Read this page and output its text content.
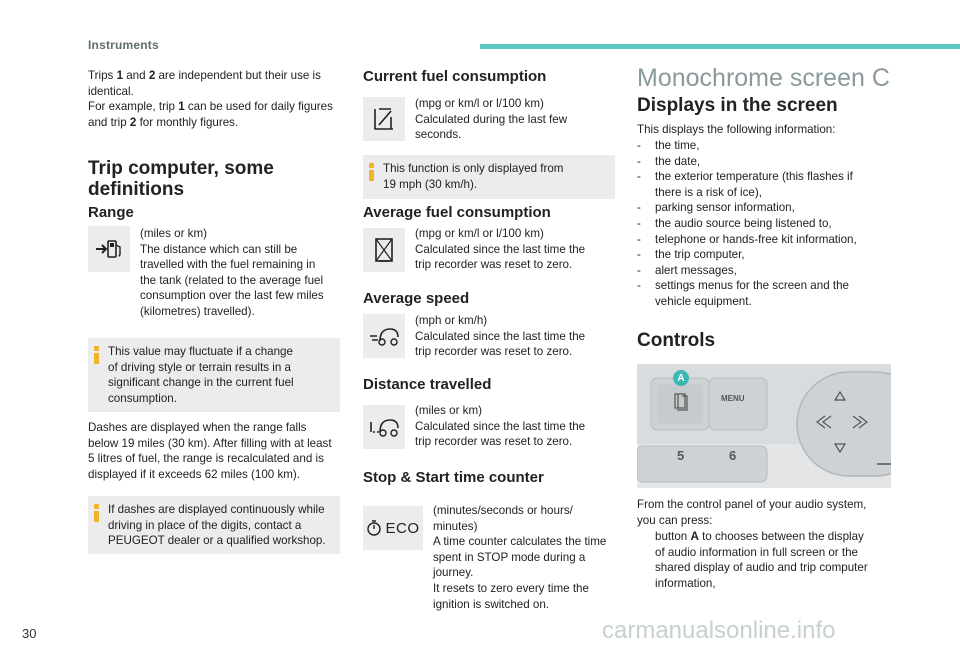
Instruments
Trips 1 and 2 are independent but their use is
identical.
For example, trip 1 can be used for daily figures
and trip 2 for monthly figures.
Trip computer, some
definitions
Range
(miles or km)
The distance which can still be
travelled with the fuel remaining in
the tank (related to the average fuel
consumption over the last few miles
(kilometres) travelled).
This value may fluctuate if a change
of driving style or terrain results in a
significant change in the current fuel
consumption.
Dashes are displayed when the range falls
below 19 miles (30 km). After filling with at least
5 litres of fuel, the range is recalculated and is
displayed if it exceeds 62 miles (100 km).
If dashes are displayed continuously while
driving in place of the digits, contact a
PEUGEOT dealer or a qualified workshop.
Current fuel consumption
(mpg or km/l or l/100 km)
Calculated during the last few
seconds.
This function is only displayed from
19 mph (30 km/h).
Average fuel consumption
(mpg or km/l or l/100 km)
Calculated since the last time the
trip recorder was reset to zero.
Average speed
(mph or km/h)
Calculated since the last time the
trip recorder was reset to zero.
Distance travelled
(miles or km)
Calculated since the last time the
trip recorder was reset to zero.
Stop & Start time counter
ECO
(minutes/seconds or hours/
minutes)
A time counter calculates the time
spent in STOP mode during a
journey.
It resets to zero every time the
ignition is switched on.
Monochrome screen C
Displays in the screen
This displays the following information:
- the time,
- the date,
- the exterior temperature (this flashes if
there is a risk of ice),
- parking sensor information,
- the audio source being listened to,
- telephone or hands-free kit information,
- the trip computer,
- alert messages,
- settings menus for the screen and the
vehicle equipment.
Controls
A
MENU
5	6
From the control panel of your audio system,
you can press:
button A to chooses between the display
of audio information in full screen or the
shared display of audio and trip computer
information,
30	carmanualsonline.info
